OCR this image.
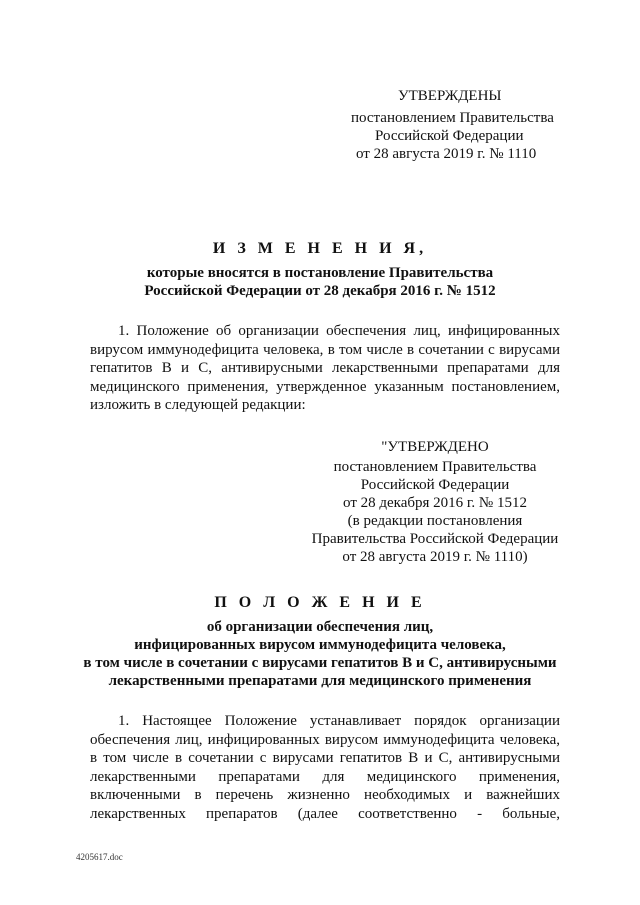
УТВЕРЖДЕНЫ
постановлением Правительства
Российской Федерации
от 28 августа 2019 г. № 1110
И З М Е Н Е Н И Я,
которые вносятся в постановление Правительства
Российской Федерации от 28 декабря 2016 г. № 1512
1. Положение об организации обеспечения лиц, инфицированных
вирусом иммунодефицита человека, в том числе в сочетании с вирусами
гепатитов В и С, антивирусными лекарственными препаратами для
медицинского применения, утвержденное указанным постановлением,
изложить в следующей редакции:
"УТВЕРЖДЕНО
постановлением Правительства
Российской Федерации
от 28 декабря 2016 г. № 1512
(в редакции постановления
Правительства Российской Федерации
от 28 августа 2019 г. № 1110)
П О Л О Ж Е Н И Е
об организации обеспечения лиц,
инфицированных вирусом иммунодефицита человека,
в том числе в сочетании с вирусами гепатитов В и С, антивирусными
лекарственными препаратами для медицинского применения
1. Настоящее Положение устанавливает порядок организации
обеспечения лиц, инфицированных вирусом иммунодефицита человека,
в том числе в сочетании с вирусами гепатитов В и С, антивирусными
лекарственными препаратами для медицинского применения,
включенными в перечень жизненно необходимых и важнейших
лекарственных препаратов (далее соответственно - больные,
4205617.doc
